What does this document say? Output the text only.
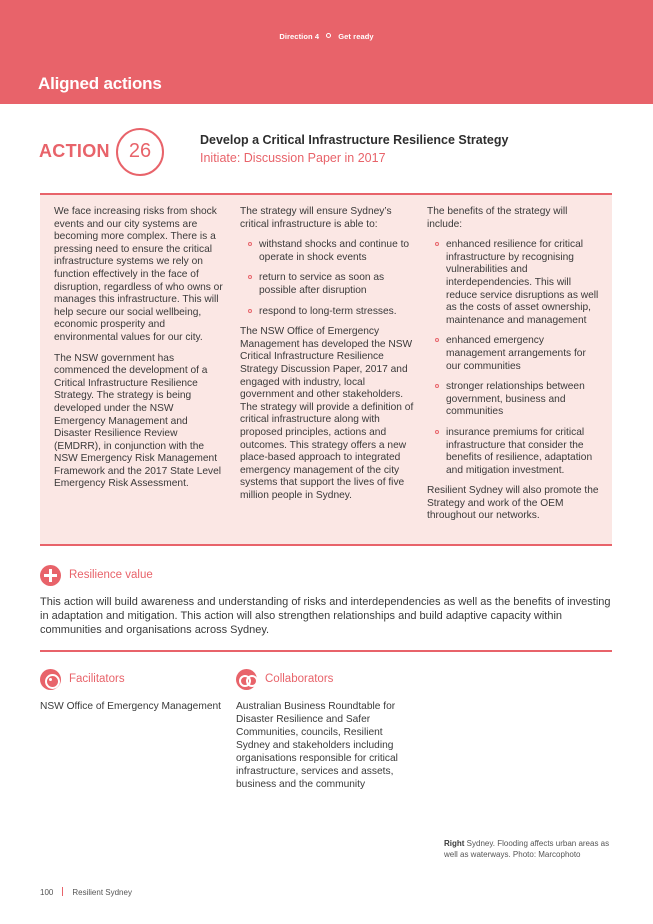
Direction 4	Get ready
Aligned actions
ACTION 26	Develop a Critical Infrastructure Resilience Strategy
Initiate: Discussion Paper in 2017

We face increasing risks from shock events and our city systems are becoming more complex. There is a pressing need to ensure the critical infrastructure systems we rely on function effectively in the face of disruption, regardless of who owns or manages this infrastructure. This will help secure our social wellbeing, economic prosperity and environmental values for our city.

The NSW government has commenced the development of a Critical Infrastructure Resilience Strategy. The strategy is being developed under the NSW Emergency Management and Disaster Resilience Review (EMDRR), in conjunction with the NSW Emergency Risk Management Framework and the 2017 State Level Emergency Risk Assessment.

The strategy will ensure Sydney’s critical infrastructure is able to:

withstand shocks and continue to operate in shock events
return to service as soon as possible after disruption
respond to long-term stresses.

The NSW Office of Emergency Management has developed the NSW Critical Infrastructure Resilience Strategy Discussion Paper, 2017 and engaged with industry, local government and other stakeholders. The strategy will provide a definition of critical infrastructure along with proposed principles, actions and outcomes. This strategy offers a new place-based approach to integrated emergency management of the city systems that support the lives of five million people in Sydney.

The benefits of the strategy will include:

enhanced resilience for critical infrastructure by recognising vulnerabilities and interdependencies. This will reduce service disruptions as well as the costs of asset ownership, maintenance and management
enhanced emergency management arrangements for our communities
stronger relationships between government, business and communities
insurance premiums for critical infrastructure that consider the benefits of resilience, adaptation and mitigation investment.

Resilient Sydney will also promote the Strategy and work of the OEM throughout our networks.

Resilience value
This action will build awareness and understanding of risks and interdependencies as well as the benefits of investing in adaptation and mitigation. This action will also strengthen relationships and build adaptive capacity within communities and organisations across Sydney.
Facilitators
NSW Office of Emergency Management
Collaborators
Australian Business Roundtable for Disaster Resilience and Safer Communities, councils, Resilient Sydney and stakeholders including organisations responsible for critical infrastructure, services and assets, business and the community
Right Sydney. Flooding affects urban areas as well as waterways. Photo: Marcophoto
100 Resilient Sydney
